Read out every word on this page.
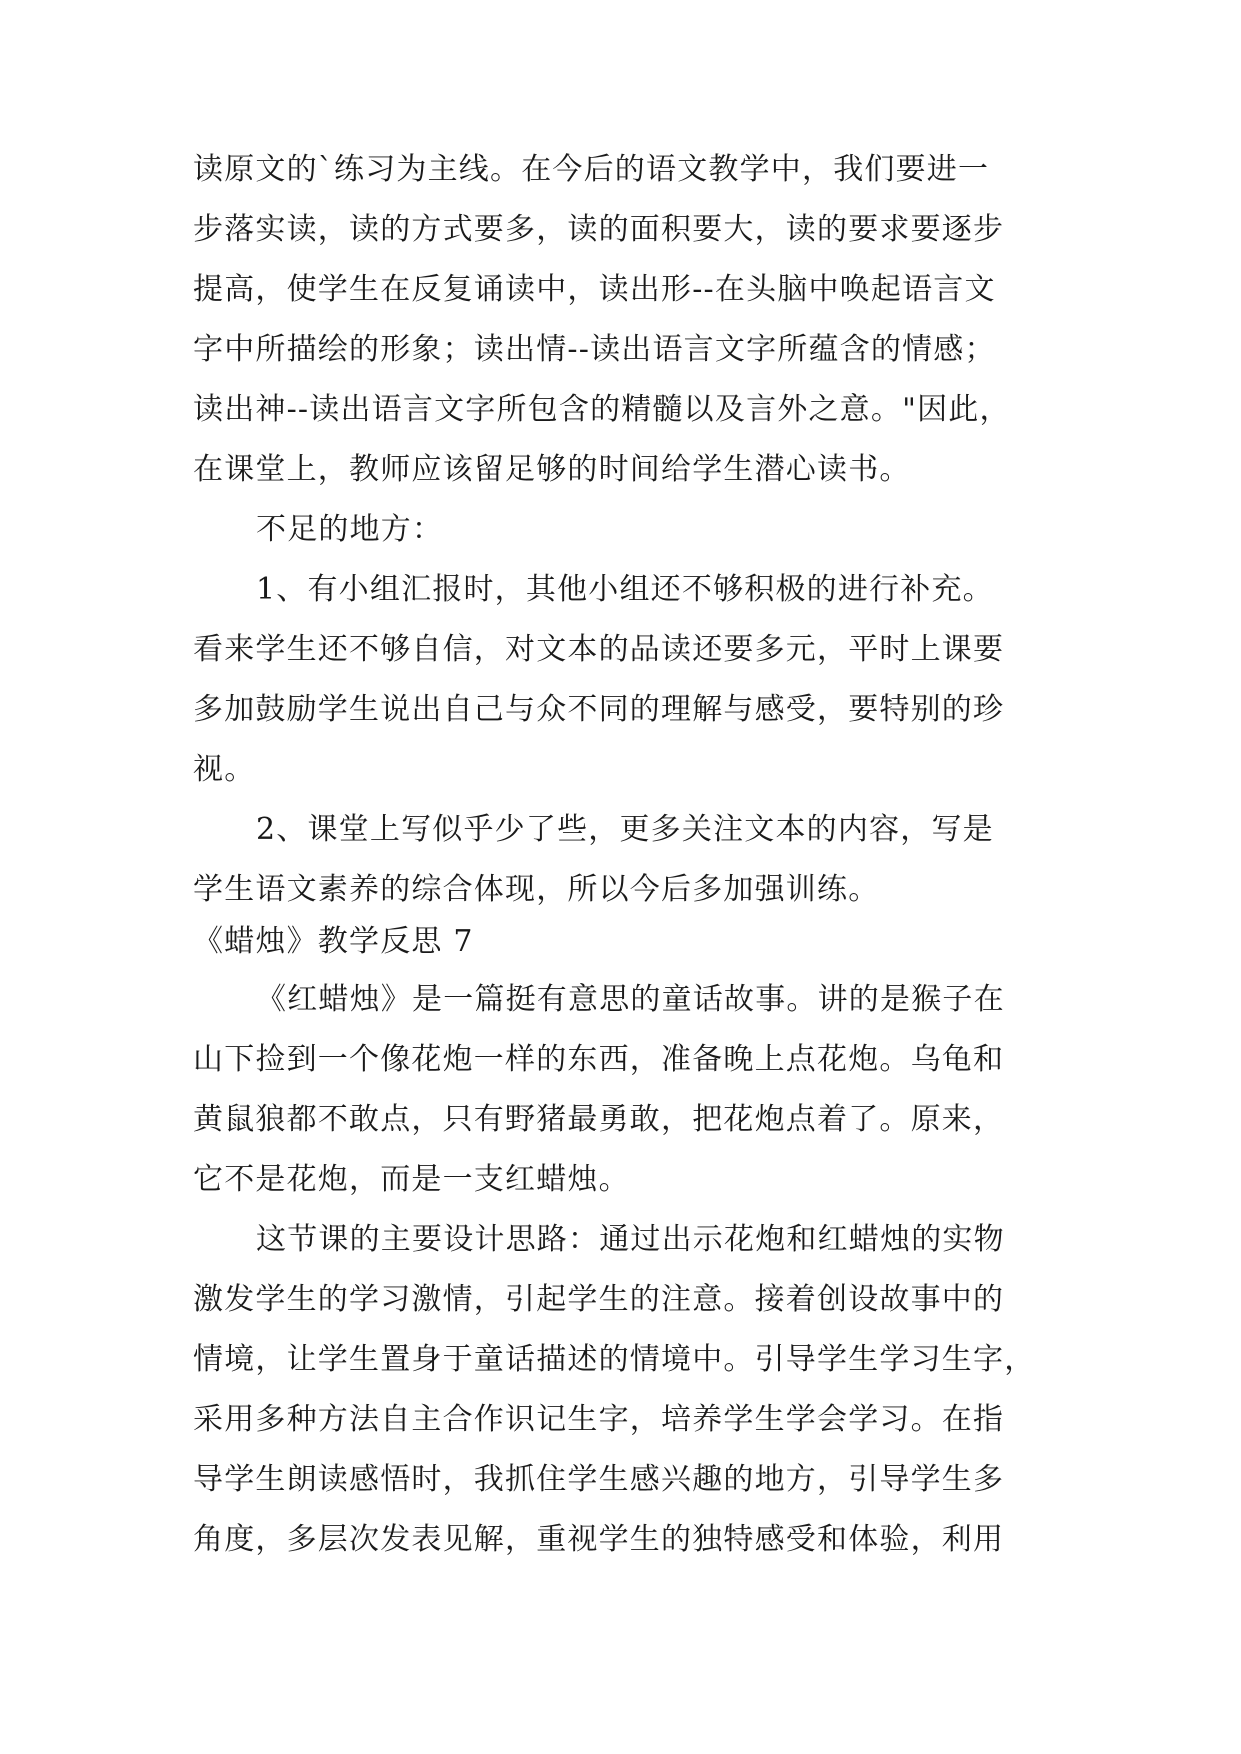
读原文的`练习为主线。在今后的语文教学中，我们要进一
步落实读，读的方式要多，读的面积要大，读的要求要逐步
提高，使学生在反复诵读中，读出形--在头脑中唤起语言文
字中所描绘的形象；读出情--读出语言文字所蕴含的情感；
读出神--读出语言文字所包含的精髓以及言外之意。"因此，
在课堂上，教师应该留足够的时间给学生潜心读书。
不足的地方：
1、有小组汇报时，其他小组还不够积极的进行补充。
看来学生还不够自信，对文本的品读还要多元，平时上课要
多加鼓励学生说出自己与众不同的理解与感受，要特别的珍
视。
2、课堂上写似乎少了些，更多关注文本的内容，写是
学生语文素养的综合体现，所以今后多加强训练。
《蜡烛》教学反思 7
《红蜡烛》是一篇挺有意思的童话故事。讲的是猴子在
山下捡到一个像花炮一样的东西，准备晚上点花炮。乌龟和
黄鼠狼都不敢点，只有野猪最勇敢，把花炮点着了。原来，
它不是花炮，而是一支红蜡烛。
这节课的主要设计思路：通过出示花炮和红蜡烛的实物
激发学生的学习激情，引起学生的注意。接着创设故事中的
情境，让学生置身于童话描述的情境中。引导学生学习生字，
采用多种方法自主合作识记生字，培养学生学会学习。在指
导学生朗读感悟时，我抓住学生感兴趣的地方，引导学生多
角度，多层次发表见解，重视学生的独特感受和体验，利用
